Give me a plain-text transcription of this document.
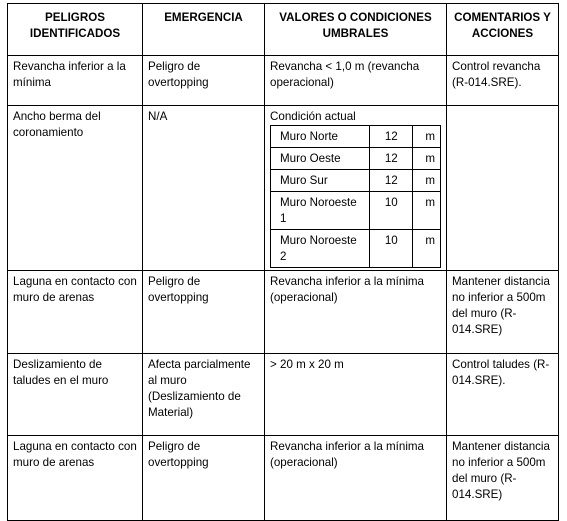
PELIGROS IDENTIFICADOS	EMERGENCIA	VALORES O CONDICIONES UMBRALES	COMENTARIOS Y ACCIONES
Revancha inferior a la mínima	Peligro de overtopping	Revancha < 1,0 m (revancha operacional)	Control revancha (R-014.SRE).
Ancho berma del coronamiento	N/A	Condición actual
Muro Norte	12	m
Muro Oeste	12	m
Muro Sur	12	m
Muro Noroeste 1	10	m
Muro Noroeste 2	10	m

Laguna en contacto con muro de arenas	Peligro de overtopping	Revancha inferior a la mínima (operacional)	Mantener distancia no inferior a 500m del muro (R-014.SRE)
Deslizamiento de taludes en el muro	Afecta parcialmente al muro (Deslizamiento de Material)	> 20 m x 20 m	Control taludes (R-014.SRE).
Laguna en contacto con muro de arenas	Peligro de overtopping	Revancha inferior a la mínima (operacional)	Mantener distancia no inferior a 500m del muro (R-014.SRE)
